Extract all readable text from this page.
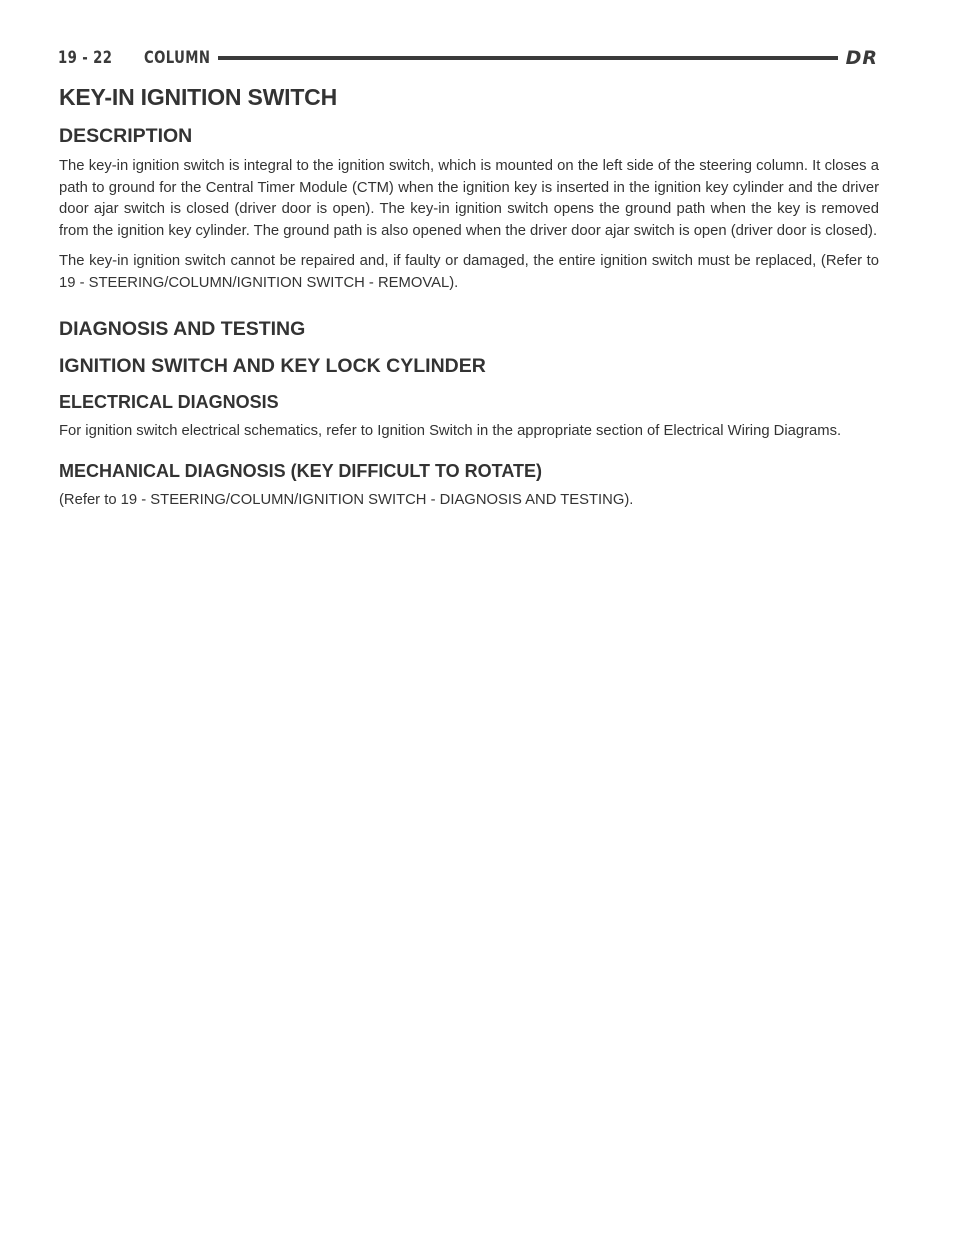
19 - 22 COLUMN	DR
KEY-IN IGNITION SWITCH
DESCRIPTION

The key-in ignition switch is integral to the ignition switch, which is mounted on the left side of the steering column. It closes a path to ground for the Central Timer Module (CTM) when the ignition key is inserted in the ignition key cylinder and the driver door ajar switch is closed (driver door is open). The key-in ignition switch opens the ground path when the key is removed from the ignition key cylinder. The ground path is also opened when the driver door ajar switch is open (driver door is closed).

The key-in ignition switch cannot be repaired and, if faulty or damaged, the entire ignition switch must be replaced, (Refer to 19 - STEERING/COLUMN/IGNITION SWITCH - REMOVAL).

DIAGNOSIS AND TESTING
IGNITION SWITCH AND KEY LOCK CYLINDER
ELECTRICAL DIAGNOSIS

For ignition switch electrical schematics, refer to Ignition Switch in the appropriate section of Electrical Wiring Diagrams.

MECHANICAL DIAGNOSIS (KEY DIFFICULT TO ROTATE)

(Refer to 19 - STEERING/COLUMN/IGNITION SWITCH - DIAGNOSIS AND TESTING).
